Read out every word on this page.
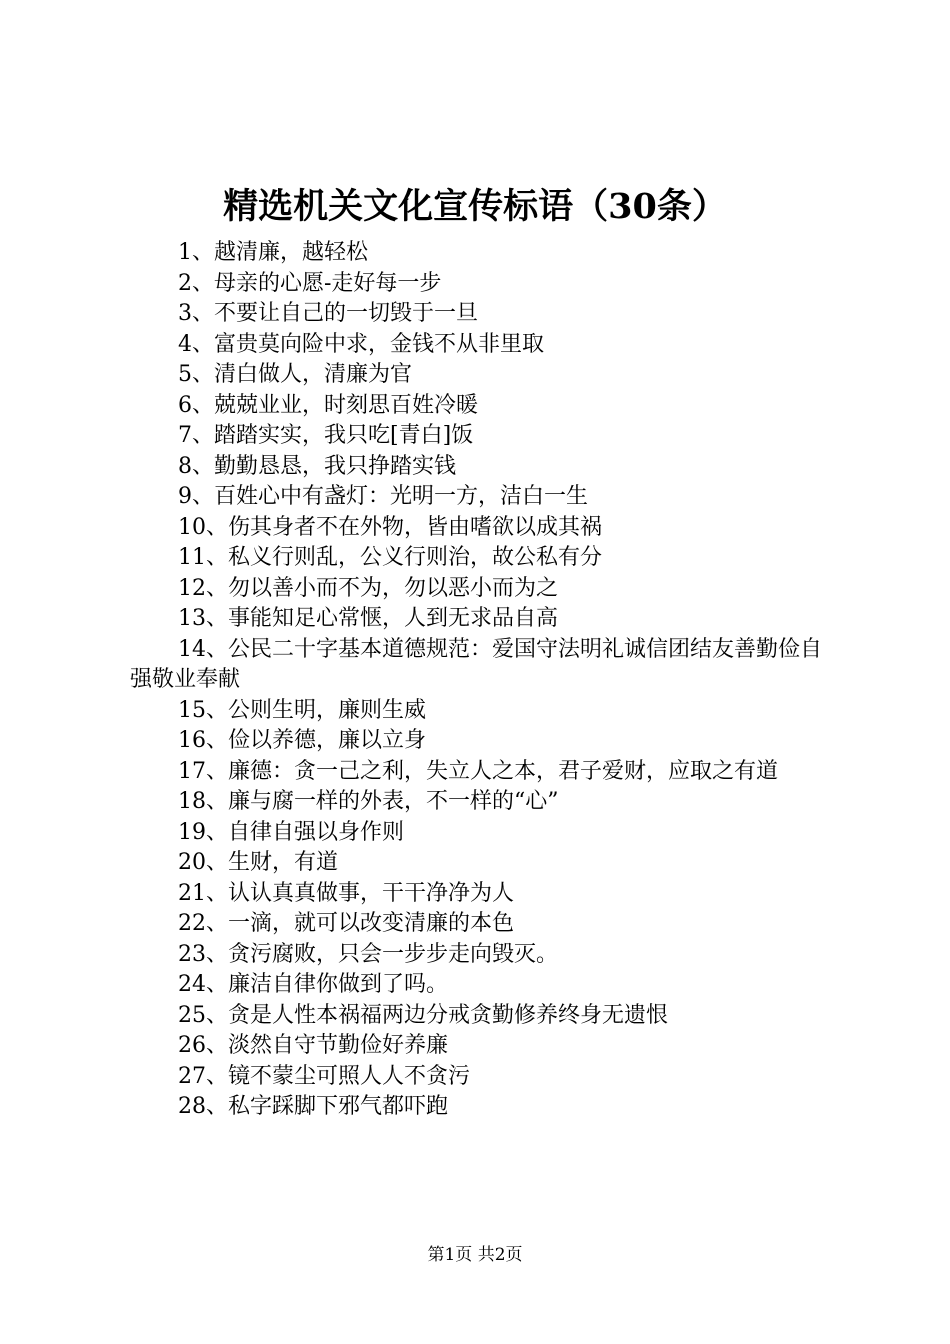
精选机关文化宣传标语（30条）
1、越清廉，越轻松
2、母亲的心愿-走好每一步
3、不要让自己的一切毁于一旦
4、富贵莫向险中求，金钱不从非里取
5、清白做人，清廉为官
6、兢兢业业，时刻思百姓冷暖
7、踏踏实实，我只吃[青白]饭
8、勤勤恳恳，我只挣踏实钱
9、百姓心中有盏灯：光明一方，洁白一生
10、伤其身者不在外物，皆由嗜欲以成其祸
11、私义行则乱，公义行则治，故公私有分
12、勿以善小而不为，勿以恶小而为之
13、事能知足心常惬，人到无求品自高
14、公民二十字基本道德规范：爱国守法明礼诚信团结友善勤俭自强敬业奉献
15、公则生明，廉则生威
16、俭以养德，廉以立身
17、廉德：贪一己之利，失立人之本，君子爱财，应取之有道
18、廉与腐一样的外表，不一样的“心”
19、自律自强以身作则
20、生财，有道
21、认认真真做事，干干净净为人
22、一滴，就可以改变清廉的本色
23、贪污腐败，只会一步步走向毁灭。
24、廉洁自律你做到了吗。
25、贪是人性本祸福两边分戒贪勤修养终身无遗恨
26、淡然自守节勤俭好养廉
27、镜不蒙尘可照人人不贪污
28、私字踩脚下邪气都吓跑
第1页 共2页
